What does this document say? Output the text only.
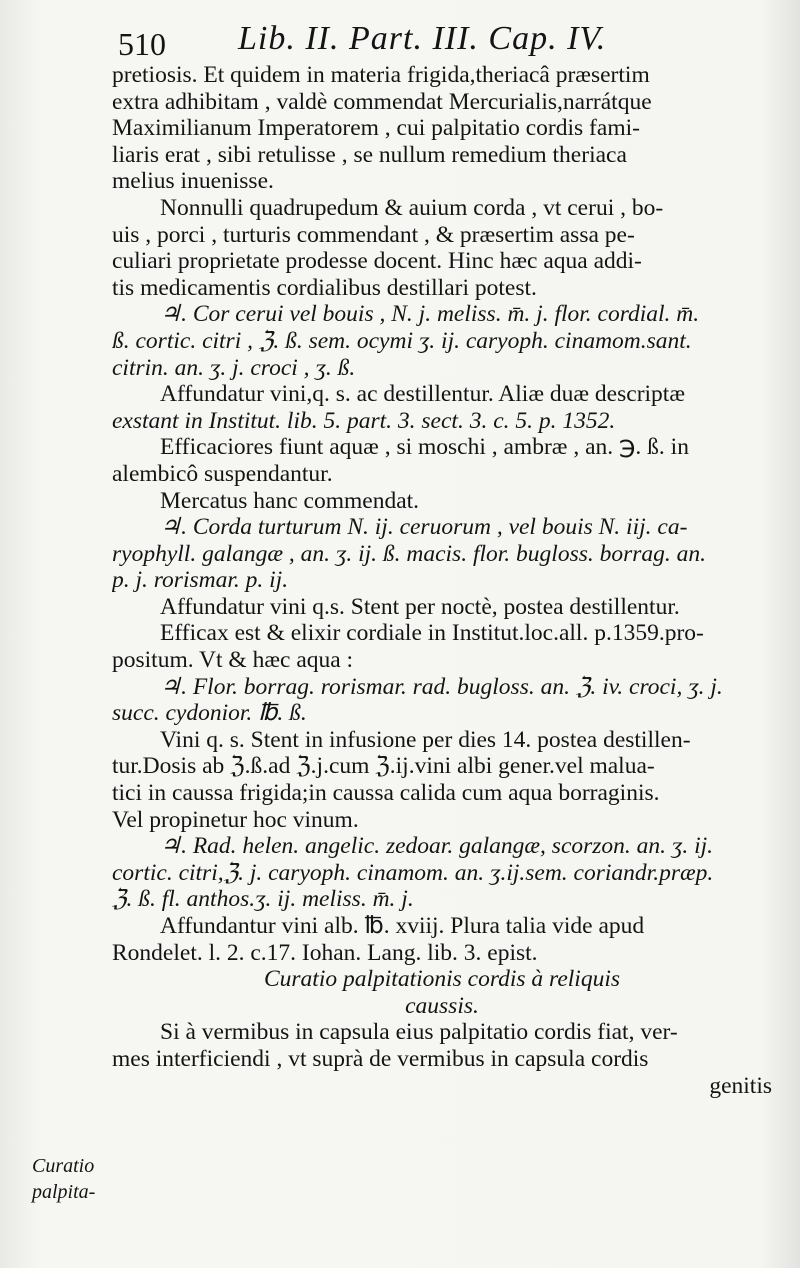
510 Lib. II. Part. III. Cap. IV.
pretiosis. Et quidem in materia frigida,theriacâ præsertim
extra adhibitam , valdè commendat Mercurialis,narrátque
Maximilianum Imperatorem , cui palpitatio cordis fami-
liaris erat , sibi retulisse , se nullum remedium theriaca
melius inuenisse.
Nonnulli quadrupedum & auium corda , vt cerui , bo-
uis , porci , turturis commendant , & præsertim assa pe-
culiari proprietate prodesse docent. Hinc hæc aqua addi-
tis medicamentis cordialibus destillari potest.
♃. Cor cerui vel bouis , N. j. meliss. m̄. j. flor. cordial. m̄.
ß. cortic. citri , ℨ. ß. sem. ocymi ʒ. ij. caryoph. cinamom.sant.
citrin. an. ʒ. j. croci , ʒ. ß.
Affundatur vini,q. s. ac destillentur. Aliæ duæ descriptæ
exstant in Institut. lib. 5. part. 3. sect. 3. c. 5. p. 1352.
Efficaciores fiunt aquæ , si moschi , ambræ , an. ℈. ß. in
alembicô suspendantur.
Mercatus hanc commendat.
♃. Corda turturum N. ij. ceruorum , vel bouis N. iij. ca-
ryophyll. galangæ , an. ʒ. ij. ß. macis. flor. bugloss. borrag. an.
p. j. rorismar. p. ij.
Affundatur vini q.s. Stent per noctè, postea destillentur.
Efficax est & elixir cordiale in Institut.loc.all. p.1359.pro-
positum. Vt & hæc aqua :
♃. Flor. borrag. rorismar. rad. bugloss. an. ℨ. iv. croci, ʒ. j.
succ. cydonior. ℔. ß.
Vini q. s. Stent in infusione per dies 14. postea destillen-
tur.Dosis ab ℨ.ß.ad ℨ.j.cum ℨ.ij.vini albi gener.vel malua-
tici in caussa frigida;in caussa calida cum aqua borraginis.
Vel propinetur hoc vinum.
♃. Rad. helen. angelic. zedoar. galangæ, scorzon. an. ʒ. ij.
cortic. citri,ℨ. j. caryoph. cinamom. an. ʒ.ij.sem. coriandr.præp.
ℨ. ß. fl. anthos.ʒ. ij. meliss. m̄. j.
Affundantur vini alb. ℔. xviij. Plura talia vide apud
Rondelet. l. 2. c.17. Iohan. Lang. lib. 3. epist.
Curatio palpitationis cordis à reliquis
caussis.
Si à vermibus in capsula eius palpitatio cordis fiat, ver-
mes interficiendi , vt suprà de vermibus in capsula cordis
genitis
Curatio
palpita-
